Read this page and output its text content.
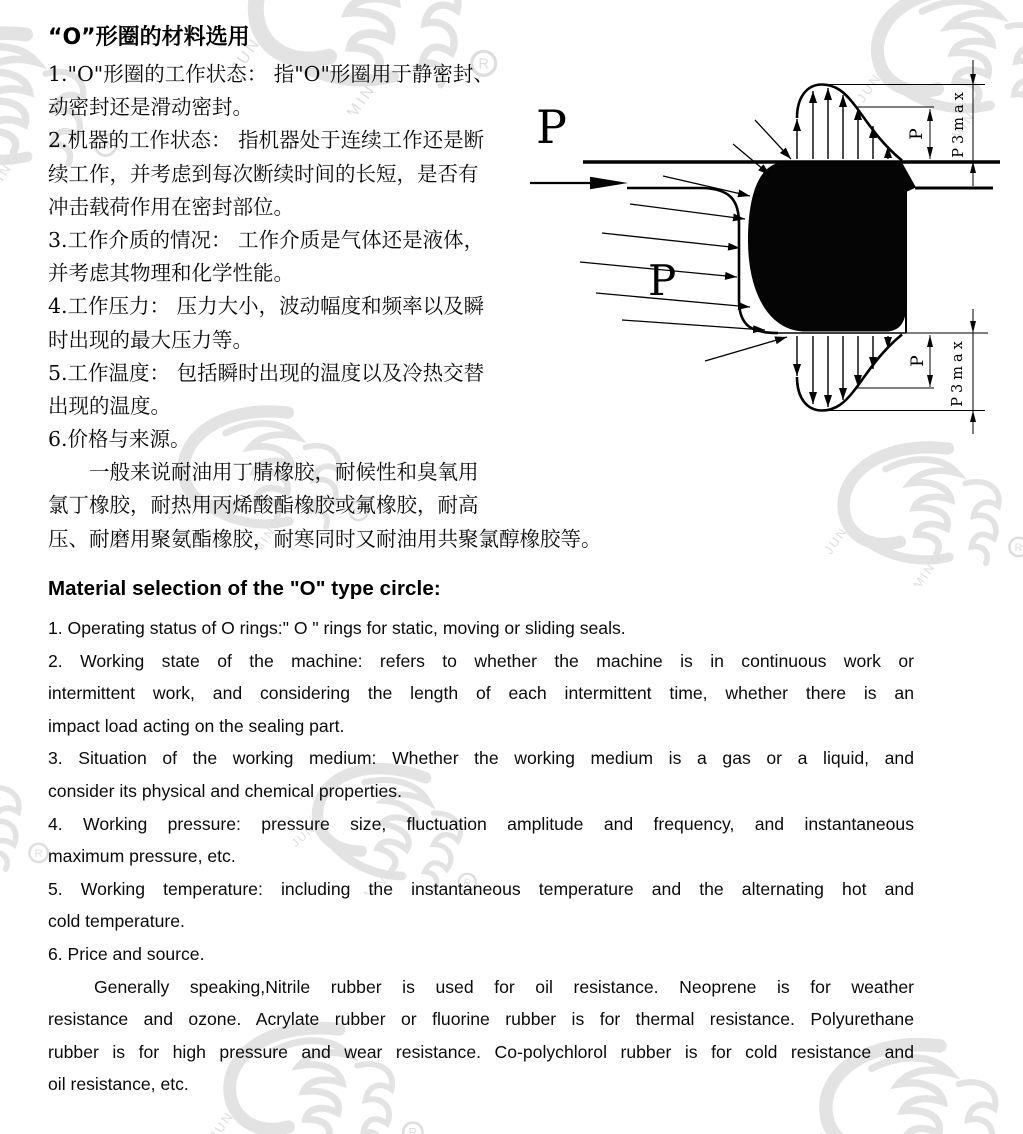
P P3max
P P3max
P
P
“O”形圈的材料选用
1."O"形圈的工作状态： 指"O"形圈用于静密封、
动密封还是滑动密封。
2.机器的工作状态： 指机器处于连续工作还是断
续工作，并考虑到每次断续时间的长短，是否有
冲击载荷作用在密封部位。
3.工作介质的情况： 工作介质是气体还是液体，
并考虑其物理和化学性能。
4.工作压力： 压力大小，波动幅度和频率以及瞬
时出现的最大压力等。
5.工作温度： 包括瞬时出现的温度以及冷热交替
出现的温度。
6.价格与来源。
　　一般来说耐油用丁腈橡胶，耐候性和臭氧用
氯丁橡胶，耐热用丙烯酸酯橡胶或氟橡胶，耐高
压、耐磨用聚氨酯橡胶，耐寒同时又耐油用共聚氯醇橡胶等。
Material selection of the "O" type circle:
1. Operating status of O rings:" O " rings for static, moving or sliding seals.
2. Working state of the machine: refers to whether the machine is in continuous work or
intermittent work, and considering the length of each intermittent time, whether there is an
impact load acting on the sealing part.
3. Situation of the working medium: Whether the working medium is a gas or a liquid, and
consider its physical and chemical properties.
4. Working pressure: pressure size, fluctuation amplitude and frequency, and instantaneous
maximum pressure, etc.
5. Working temperature: including the instantaneous temperature and the alternating hot and
cold temperature.
6. Price and source.
Generally speaking,Nitrile rubber is used for oil resistance. Neoprene is for weather
resistance and ozone. Acrylate rubber or fluorine rubber is for thermal resistance. Polyurethane
rubber is for high pressure and wear resistance. Co-polychlorol rubber is for cold resistance and
oil resistance, etc.
